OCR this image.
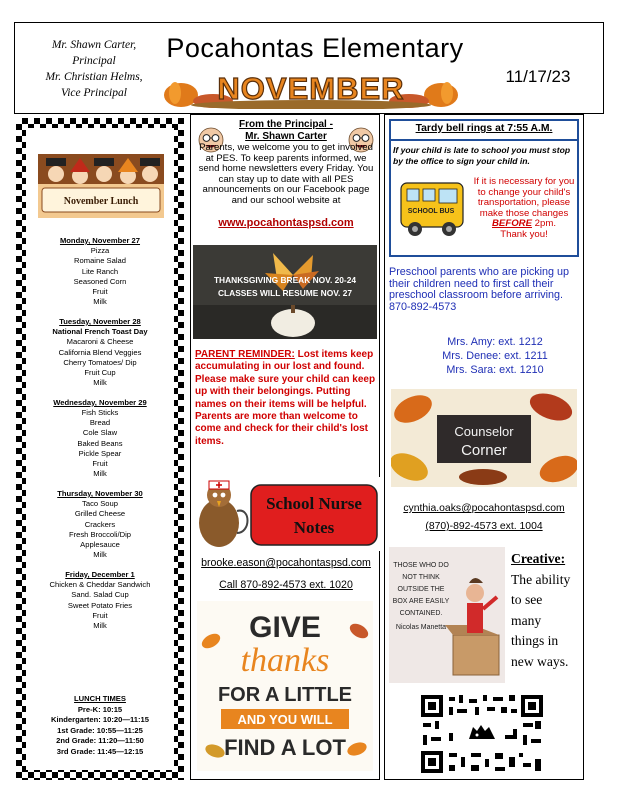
Mr. Shawn Carter,
Principal
Mr. Christian Helms,
Vice Principal
Pocahontas Elementary
NOVEMBER	11/17/23
November Lunch
Monday, November 27
Pizza
Romaine Salad
Lite Ranch
Seasoned Corn
Fruit
Milk
Tuesday, November 28
National French Toast Day
Macaroni & Cheese
California Blend Veggies
Cherry Tomatoes/ Dip
Fruit Cup
Milk
Wednesday, November 29
Fish Sticks
Bread
Cole Slaw
Baked Beans
Pickle Spear
Fruit
Milk
Thursday, November 30
Taco Soup
Grilled Cheese
Crackers
Fresh Broccoli/Dip
Applesauce
Milk
Friday, December 1
Chicken & Cheddar Sandwich
Sand. Salad Cup
Sweet Potato Fries
Fruit
Milk
LUNCH TIMES
Pre-K: 10:15
Kindergarten: 10:20—11:15
1st Grade: 10:55—11:25
2nd Grade: 11:20—11:50
3rd Grade: 11:45—12:15
From the Principal -
Mr. Shawn Carter
Parents, we welcome you to get involved at PES. To keep parents informed, we send home newsletters every Friday. You can stay up to date with all PES announcements on our Facebook page and our school website at
www.pocahontaspsd.com
THANKSGIVING BREAK NOV. 20-24
CLASSES WILL RESUME NOV. 27
PARENT REMINDER: Lost items keep accumulating in our lost and found. Please make sure your child can keep up with their belongings. Putting names on their items will be helpful. Parents are more than welcome to come and check for their child's lost items.
School Nurse
Notes
brooke.eason@pocahontaspsd.com
Call 870-892-4573 ext. 1020
GIVE
thanks
FOR A LITTLE
AND YOU WILL
FIND A LOT
Tardy bell rings at 7:55 A.M.
If your child is late to school you must stop by the office to sign your child in.
SCHOOL BUS
If it is necessary for you to change your child's transportation, please make those changes
BEFORE 2pm.
Thank you!
Preschool parents who are picking up their children need to first call their preschool classroom before arriving.
870-892-4573
Mrs. Amy: ext. 1212
Mrs. Denee: ext. 1211
Mrs. Sara: ext. 1210
Counselor
Corner
cynthia.oaks@pocahontaspsd.com
(870)-892-4573 ext. 1004
THOSE WHO DO
NOT THINK
OUTSIDE THE
BOX ARE EASILY
CONTAINED.
Nicolas Manetta
Creative:
The ability
to see
many
things in
new ways.
